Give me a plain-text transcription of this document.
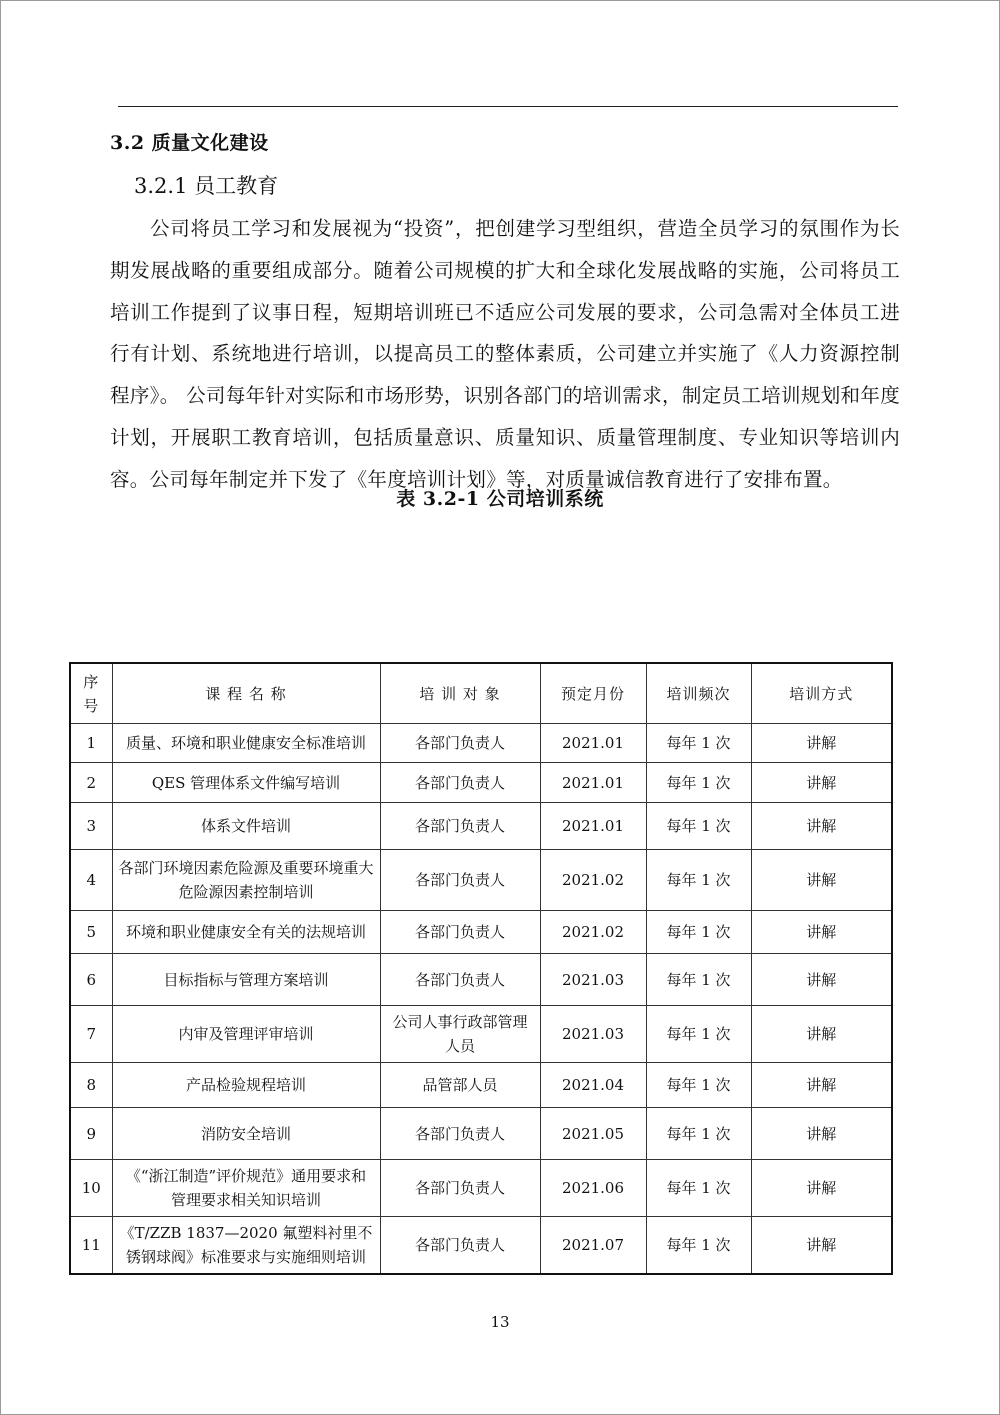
3.2 质量文化建设
3.2.1 员工教育

公司将员工学习和发展视为“投资”，把创建学习型组织，营造全员学习的氛围作为长期发展战略的重要组成部分。随着公司规模的扩大和全球化发展战略的实施，公司将员工培训工作提到了议事日程，短期培训班已不适应公司发展的要求，公司急需对全体员工进行有计划、系统地进行培训，以提高员工的整体素质，公司建立并实施了《人力资源控制程序》。 公司每年针对实际和市场形势，识别各部门的培训需求，制定员工培训规划和年度计划，开展职工教育培训，包括质量意识、质量知识、质量管理制度、专业知识等培训内容。公司每年制定并下发了《年度培训计划》等，对质量诚信教育进行了安排布置。

表 3.2-1 公司培训系统
序号	课 程 名 称	培 训 对 象	预定月份	培训频次	培训方式
1	质量、环境和职业健康安全标准培训	各部门负责人	2021.01	每年 1 次	讲解
2	QES 管理体系文件编写培训	各部门负责人	2021.01	每年 1 次	讲解
3	体系文件培训	各部门负责人	2021.01	每年 1 次	讲解
4	各部门环境因素危险源及重要环境重大危险源因素控制培训	各部门负责人	2021.02	每年 1 次	讲解
5	环境和职业健康安全有关的法规培训	各部门负责人	2021.02	每年 1 次	讲解
6	目标指标与管理方案培训	各部门负责人	2021.03	每年 1 次	讲解
7	内审及管理评审培训	公司人事行政部管理人员	2021.03	每年 1 次	讲解
8	产品检验规程培训	品管部人员	2021.04	每年 1 次	讲解
9	消防安全培训	各部门负责人	2021.05	每年 1 次	讲解
10	《“浙江制造”评价规范》通用要求和管理要求相关知识培训	各部门负责人	2021.06	每年 1 次	讲解
11	《T/ZZB 1837—2020 氟塑料衬里不锈钢球阀》标准要求与实施细则培训	各部门负责人	2021.07	每年 1 次	讲解
13
